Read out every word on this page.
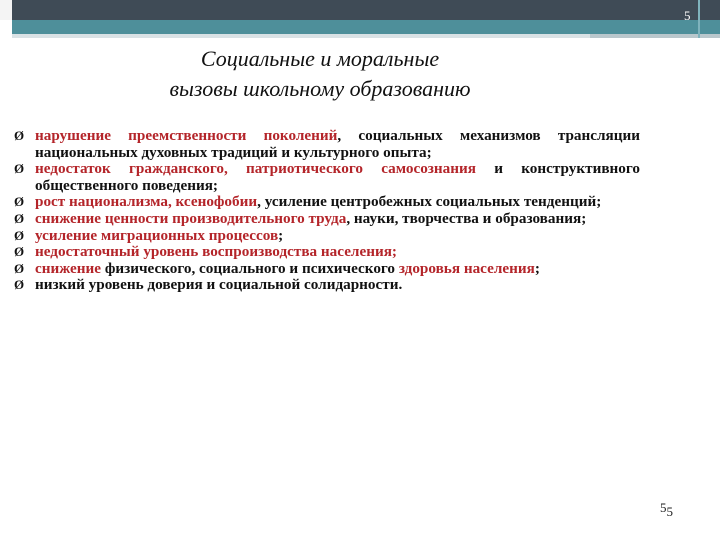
5
Социальные и моральные
вызовы школьному образованию
Ø нарушение преемственности поколений, социальных механизмов трансляции национальных духовных традиций и культурного опыта;
Ø недостаток гражданского, патриотического самосознания и конструктивного общественного поведения;
Ø рост национализма, ксенофобии, усиление центробежных социальных тенденций;
Ø снижение ценности производительного труда, науки, творчества и образования;
Ø усиление миграционных процессов;
Ø недостаточный уровень воспроизводства населения;
Ø снижение физического, социального и психического здоровья населения;
Ø низкий уровень доверия и социальной солидарности.
$5_5$
